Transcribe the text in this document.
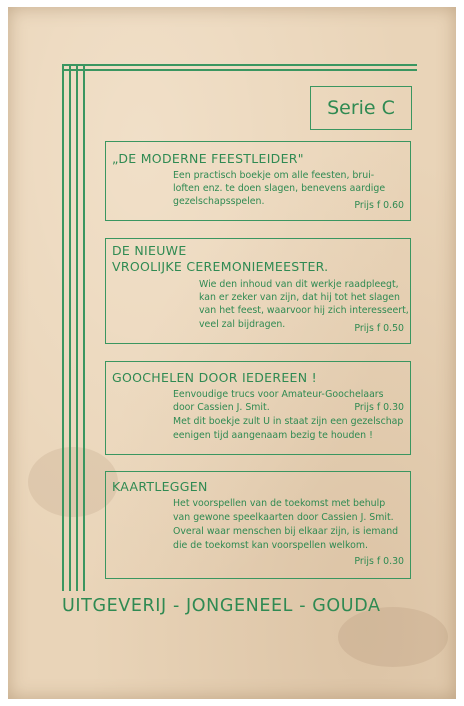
Serie C
„DE MODERNE FEESTLEIDER"
Een practisch boekje om alle feesten, brui-
loften enz. te doen slagen, benevens aardige
gezelschapsspelen.	Prijs f 0.60
DE NIEUWE
VROOLIJKE CEREMONIEMEESTER.
Wie den inhoud van dit werkje raadpleegt,
kan er zeker van zijn, dat hij tot het slagen
van het feest, waarvoor hij zich interesseert,
veel zal bijdragen.	Prijs f 0.50
GOOCHELEN DOOR IEDEREEN !
Eenvoudige trucs voor Amateur-Goochelaars
door Cassien J. Smit.	Prijs f 0.30
Met dit boekje zult U in staat zijn een gezelschap
eenigen tijd aangenaam bezig te houden !
KAARTLEGGEN
Het voorspellen van de toekomst met behulp
van gewone speelkaarten door Cassien J. Smit.
Overal waar menschen bij elkaar zijn, is iemand
die de toekomst kan voorspellen welkom.
Prijs f 0.30
UITGEVERIJ - JONGENEEL - GOUDA
